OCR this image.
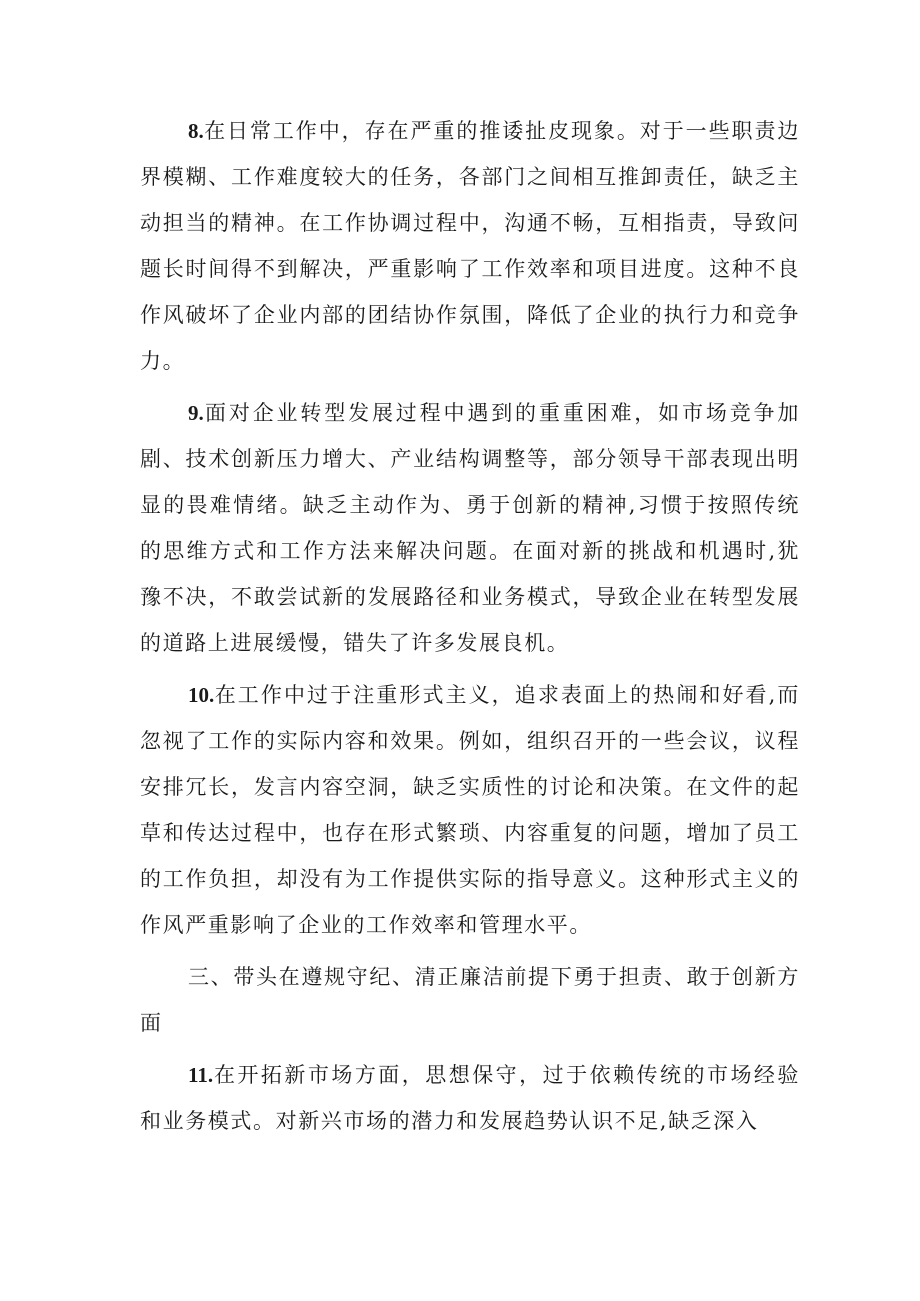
8.在日常工作中，存在严重的推诿扯皮现象。对于一些职责边界模糊、工作难度较大的任务，各部门之间相互推卸责任，缺乏主动担当的精神。在工作协调过程中，沟通不畅，互相指责，导致问题长时间得不到解决，严重影响了工作效率和项目进度。这种不良作风破坏了企业内部的团结协作氛围，降低了企业的执行力和竞争力。

9.面对企业转型发展过程中遇到的重重困难，如市场竞争加剧、技术创新压力增大、产业结构调整等，部分领导干部表现出明显的畏难情绪。缺乏主动作为、勇于创新的精神,习惯于按照传统的思维方式和工作方法来解决问题。在面对新的挑战和机遇时,犹豫不决，不敢尝试新的发展路径和业务模式，导致企业在转型发展的道路上进展缓慢，错失了许多发展良机。

10.在工作中过于注重形式主义，追求表面上的热闹和好看,而忽视了工作的实际内容和效果。例如，组织召开的一些会议，议程安排冗长，发言内容空洞，缺乏实质性的讨论和决策。在文件的起草和传达过程中，也存在形式繁琐、内容重复的问题，增加了员工的工作负担，却没有为工作提供实际的指导意义。这种形式主义的作风严重影响了企业的工作效率和管理水平。

三、带头在遵规守纪、清正廉洁前提下勇于担责、敢于创新方面

11.在开拓新市场方面，思想保守，过于依赖传统的市场经验和业务模式。对新兴市场的潜力和发展趋势认识不足,缺乏深入
